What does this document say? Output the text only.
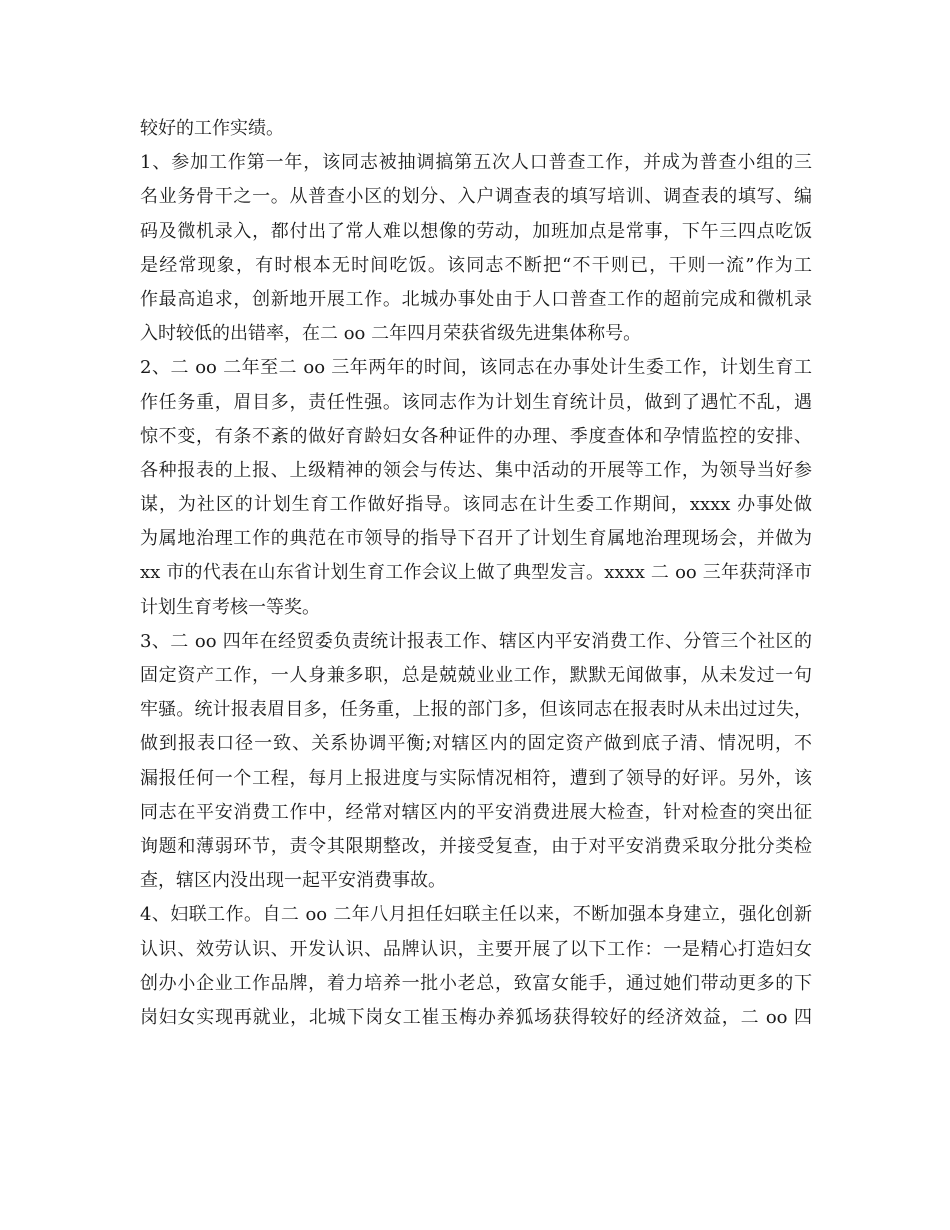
较好的工作实绩。
1、参加工作第一年，该同志被抽调搞第五次人口普查工作，并成为普查小组的三
名业务骨干之一。从普查小区的划分、入户调查表的填写培训、调查表的填写、编
码及微机录入，都付出了常人难以想像的劳动，加班加点是常事，下午三四点吃饭
是经常现象，有时根本无时间吃饭。该同志不断把“不干则已，干则一流”作为工
作最高追求，创新地开展工作。北城办事处由于人口普查工作的超前完成和微机录
入时较低的出错率，在二 oo 二年四月荣获省级先进集体称号。
2、二 oo 二年至二 oo 三年两年的时间，该同志在办事处计生委工作，计划生育工
作任务重，眉目多，责任性强。该同志作为计划生育统计员，做到了遇忙不乱，遇
惊不变，有条不紊的做好育龄妇女各种证件的办理、季度查体和孕情监控的安排、
各种报表的上报、上级精神的领会与传达、集中活动的开展等工作，为领导当好参
谋，为社区的计划生育工作做好指导。该同志在计生委工作期间，xxxx 办事处做
为属地治理工作的典范在市领导的指导下召开了计划生育属地治理现场会，并做为
xx 市的代表在山东省计划生育工作会议上做了典型发言。xxxx 二 oo 三年获菏泽市
计划生育考核一等奖。
3、二 oo 四年在经贸委负责统计报表工作、辖区内平安消费工作、分管三个社区的
固定资产工作，一人身兼多职，总是兢兢业业工作，默默无闻做事，从未发过一句
牢骚。统计报表眉目多，任务重，上报的部门多，但该同志在报表时从未出过过失，
做到报表口径一致、关系协调平衡;对辖区内的固定资产做到底子清、情况明，不
漏报任何一个工程，每月上报进度与实际情况相符，遭到了领导的好评。另外，该
同志在平安消费工作中，经常对辖区内的平安消费进展大检查，针对检查的突出征
询题和薄弱环节，责令其限期整改，并接受复查，由于对平安消费采取分批分类检
查，辖区内没出现一起平安消费事故。
4、妇联工作。自二 oo 二年八月担任妇联主任以来，不断加强本身建立，强化创新
认识、效劳认识、开发认识、品牌认识，主要开展了以下工作：一是精心打造妇女
创办小企业工作品牌，着力培养一批小老总，致富女能手，通过她们带动更多的下
岗妇女实现再就业，北城下岗女工崔玉梅办养狐场获得较好的经济效益，二 oo 四
